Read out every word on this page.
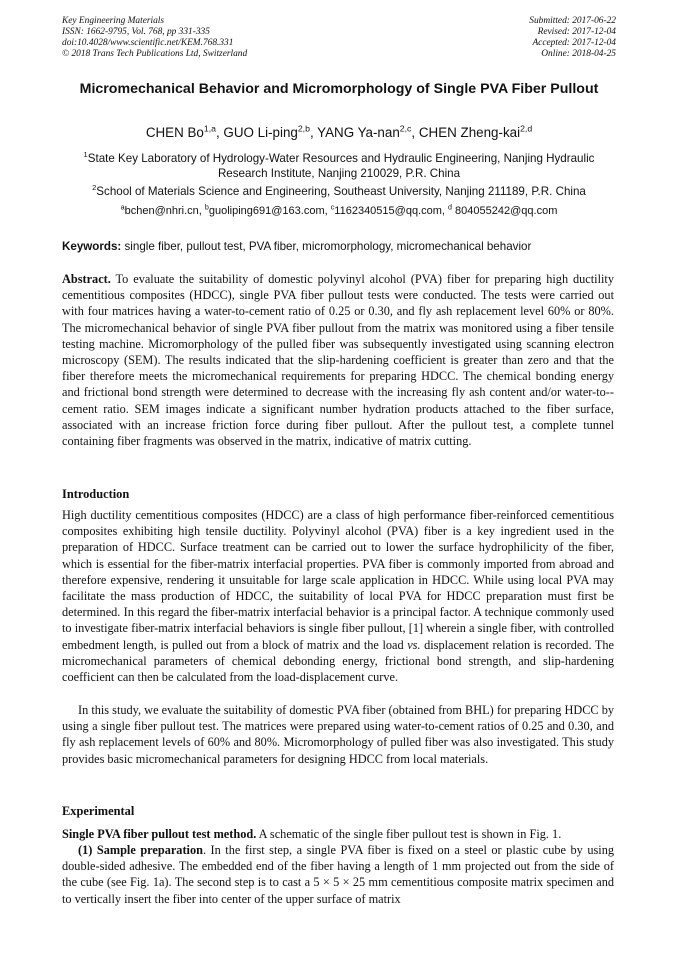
Key Engineering Materials
ISSN: 1662-9795, Vol. 768, pp 331-335
doi:10.4028/www.scientific.net/KEM.768.331
© 2018 Trans Tech Publications Ltd, Switzerland
Submitted: 2017-06-22
Revised: 2017-12-04
Accepted: 2017-12-04
Online: 2018-04-25
Micromechanical Behavior and Micromorphology of Single PVA Fiber Pullout
CHEN Bo$^{1,a}$, GUO Li-ping$^{2,b}$, YANG Ya-nan$^{2,c}$, CHEN Zheng-kai$^{2,d}$
$^1$State Key Laboratory of Hydrology-Water Resources and Hydraulic Engineering, Nanjing Hydraulic Research Institute, Nanjing 210029, P.R. China
$^2$School of Materials Science and Engineering, Southeast University, Nanjing 211189, P.R. China
$^a$bchen@nhri.cn, $^b$guoliping691@163.com, $^c$1162340515@qq.com, $^d$ 804055242@qq.com
Keywords: single fiber, pullout test, PVA fiber, micromorphology, micromechanical behavior

Abstract. To evaluate the suitability of domestic polyvinyl alcohol (PVA) fiber for preparing high ductility cementitious composites (HDCC), single PVA fiber pullout tests were conducted. The tests were carried out with four matrices having a water-to-cement ratio of 0.25 or 0.30, and fly ash replacement level 60% or 80%. The micromechanical behavior of single PVA fiber pullout from the matrix was monitored using a fiber tensile testing machine. Micromorphology of the pulled fiber was subsequently investigated using scanning electron microscopy (SEM). The results indicated that the slip-hardening coefficient is greater than zero and that the fiber therefore meets the micromechanical requirements for preparing HDCC. The chemical bonding energy and frictional bond strength were determined to decrease with the increasing fly ash content and/or water-to--cement ratio. SEM images indicate a significant number hydration products attached to the fiber surface, associated with an increase friction force during fiber pullout. After the pullout test, a complete tunnel containing fiber fragments was observed in the matrix, indicative of matrix cutting.

Introduction

High ductility cementitious composites (HDCC) are a class of high performance fiber-reinforced cementitious composites exhibiting high tensile ductility. Polyvinyl alcohol (PVA) fiber is a key ingredient used in the preparation of HDCC. Surface treatment can be carried out to lower the surface hydrophilicity of the fiber, which is essential for the fiber-matrix interfacial properties. PVA fiber is commonly imported from abroad and therefore expensive, rendering it unsuitable for large scale application in HDCC. While using local PVA may facilitate the mass production of HDCC, the suitability of local PVA for HDCC preparation must first be determined. In this regard the fiber-matrix interfacial behavior is a principal factor. A technique commonly used to investigate fiber-matrix interfacial behaviors is single fiber pullout, [1] wherein a single fiber, with controlled embedment length, is pulled out from a block of matrix and the load vs. displacement relation is recorded. The micromechanical parameters of chemical debonding energy, frictional bond strength, and slip-hardening coefficient can then be calculated from the load-displacement curve.

In this study, we evaluate the suitability of domestic PVA fiber (obtained from BHL) for preparing HDCC by using a single fiber pullout test. The matrices were prepared using water-to-cement ratios of 0.25 and 0.30, and fly ash replacement levels of 60% and 80%. Micromorphology of pulled fiber was also investigated. This study provides basic micromechanical parameters for designing HDCC from local materials.

Experimental

Single PVA fiber pullout test method. A schematic of the single fiber pullout test is shown in Fig. 1.

(1) Sample preparation. In the first step, a single PVA fiber is fixed on a steel or plastic cube by using double-sided adhesive. The embedded end of the fiber having a length of 1 mm projected out from the side of the cube (see Fig. 1a). The second step is to cast a 5 × 5 × 25 mm cementitious composite matrix specimen and to vertically insert the fiber into center of the upper surface of matrix
